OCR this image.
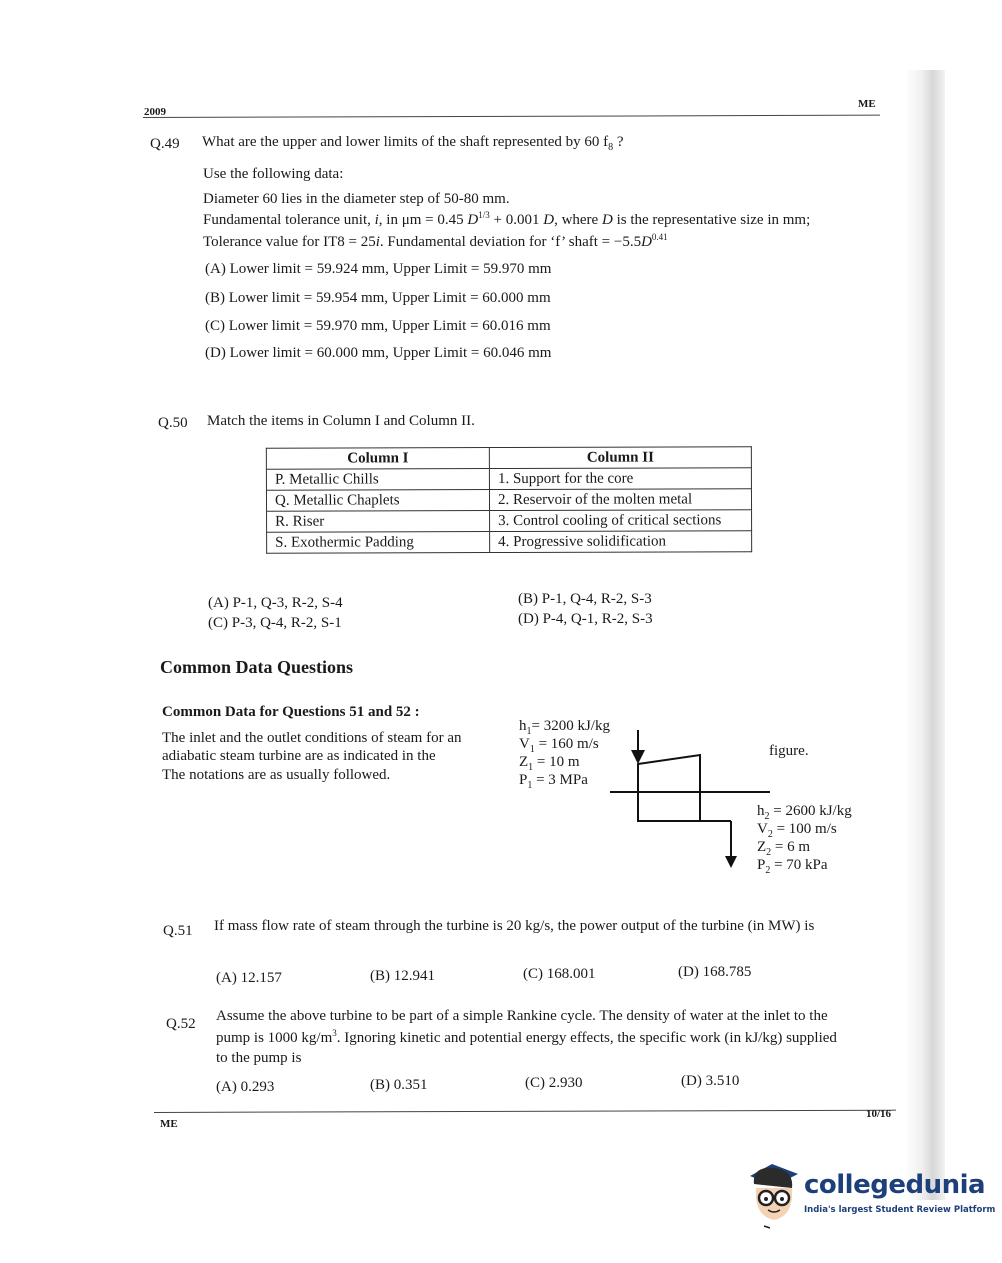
2009
ME
Q.49 What are the upper and lower limits of the shaft represented by 60 $f_8$ ?
Use the following data:
Diameter 60 lies in the diameter step of 50-80 mm.
Fundamental tolerance unit, i, in μm = 0.45 $D^{1/3} + 0.001$ D, where D is the representative size in mm;
Tolerance value for IT8 = 25i. Fundamental deviation for ‘f’ shaft = $-5.5D^{0.41}$
(A) Lower limit = 59.924 mm, Upper Limit = 59.970 mm
(B) Lower limit = 59.954 mm, Upper Limit = 60.000 mm
(C) Lower limit = 59.970 mm, Upper Limit = 60.016 mm
(D) Lower limit = 60.000 mm, Upper Limit = 60.046 mm
Q.50 Match the items in Column I and Column II.
Column I	Column II
P. Metallic Chills	1. Support for the core
Q. Metallic Chaplets	2. Reservoir of the molten metal
R. Riser	3. Control cooling of critical sections
S. Exothermic Padding	4. Progressive solidification
(A) P-1, Q-3, R-2, S-4	(B) P-1, Q-4, R-2, S-3
(C) P-3, Q-4, R-2, S-1	(D) P-4, Q-1, R-2, S-3
Common Data Questions
Common Data for Questions 51 and 52 :
The inlet and the outlet conditions of steam for an
adiabatic steam turbine are as indicated in the
The notations are as usually followed.
figure.
$h_1= 3200$ kJ/kg
$V_1 = 160$ m/s
$Z_1 = 10$ m
$P_1 = 3$ MPa
$h_2 = 2600$ kJ/kg
$V_2 = 100$ m/s
$Z_2 = 6$ m
$P_2 = 70$ kPa
Q.51 If mass flow rate of steam through the turbine is 20 kg/s, the power output of the turbine (in MW) is
(A) 12.157	(B) 12.941	(C) 168.001	(D) 168.785
Q.52 Assume the above turbine to be part of a simple Rankine cycle. The density of water at the inlet to the
pump is 1000 $kg/m^3$. Ignoring kinetic and potential energy effects, the specific work (in kJ/kg) supplied
to the pump is
(A) 0.293	(B) 0.351	(C) 2.930	(D) 3.510
ME
10/16
collegedunia
India's largest Student Review Platform
